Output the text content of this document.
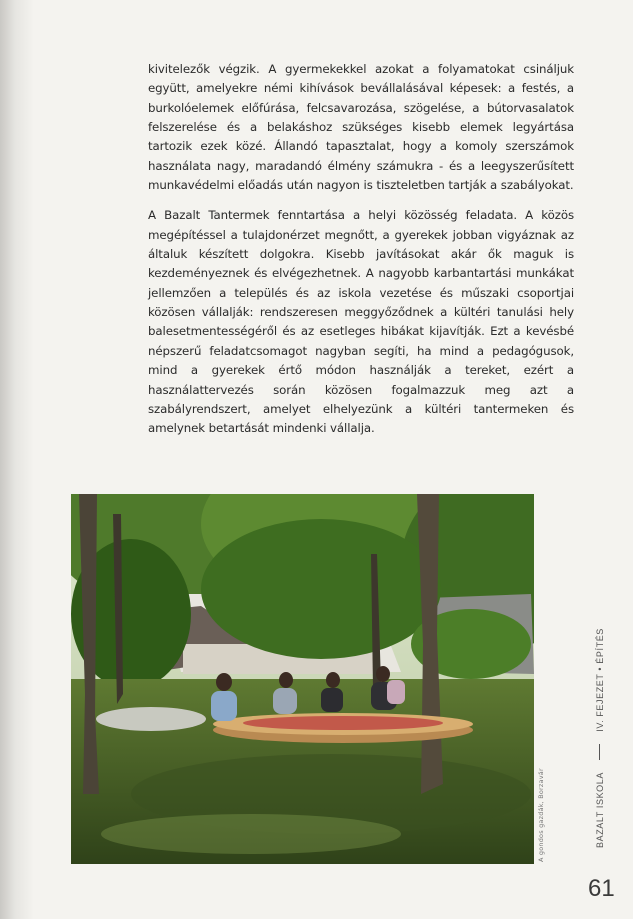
kivitelezők végzik. A gyermekekkel azokat a folyamatokat csináljuk együtt, amelyekre némi kihívások bevállalásával képesek: a festés, a burkolóelemek előfúrása, felcsavarozása, szögelése, a bútorvasalatok felszerelése és a belakáshoz szükséges kisebb elemek legyártása tartozik ezek közé. Állandó tapasztalat, hogy a komoly szerszámok használata nagy, maradandó élmény számukra - és a leegyszerűsített munkavédelmi előadás után nagyon is tiszteletben tartják a szabályokat.

A Bazalt Tantermek fenntartása a helyi közösség feladata. A közös megépítéssel a tulajdonérzet megnőtt, a gyerekek jobban vigyáznak az általuk készített dolgokra. Kisebb javításokat akár ők maguk is kezdeményeznek és elvégezhetnek. A nagyobb karbantartási munkákat jellemzően a település és az iskola vezetése és műszaki csoportjai közösen vállalják: rendszeresen meggyőződnek a kültéri tanulási hely balesetmentességéről és az esetleges hibákat kijavítják. Ezt a kevésbé népszerű feladatcsomagot nagyban segíti, ha mind a pedagógusok, mind a gyerekek értő módon használják a tereket, ezért a használattervezés során közösen fogalmazzuk meg azt a szabályrendszert, amelyet elhelyezünk a kültéri tantermeken és amelynek betartását mindenki vállalja.

A gondos gazdák, Borzavár	BAZALT ISKOLA  IV. FEJEZET • ÉPÍTÉS
61
